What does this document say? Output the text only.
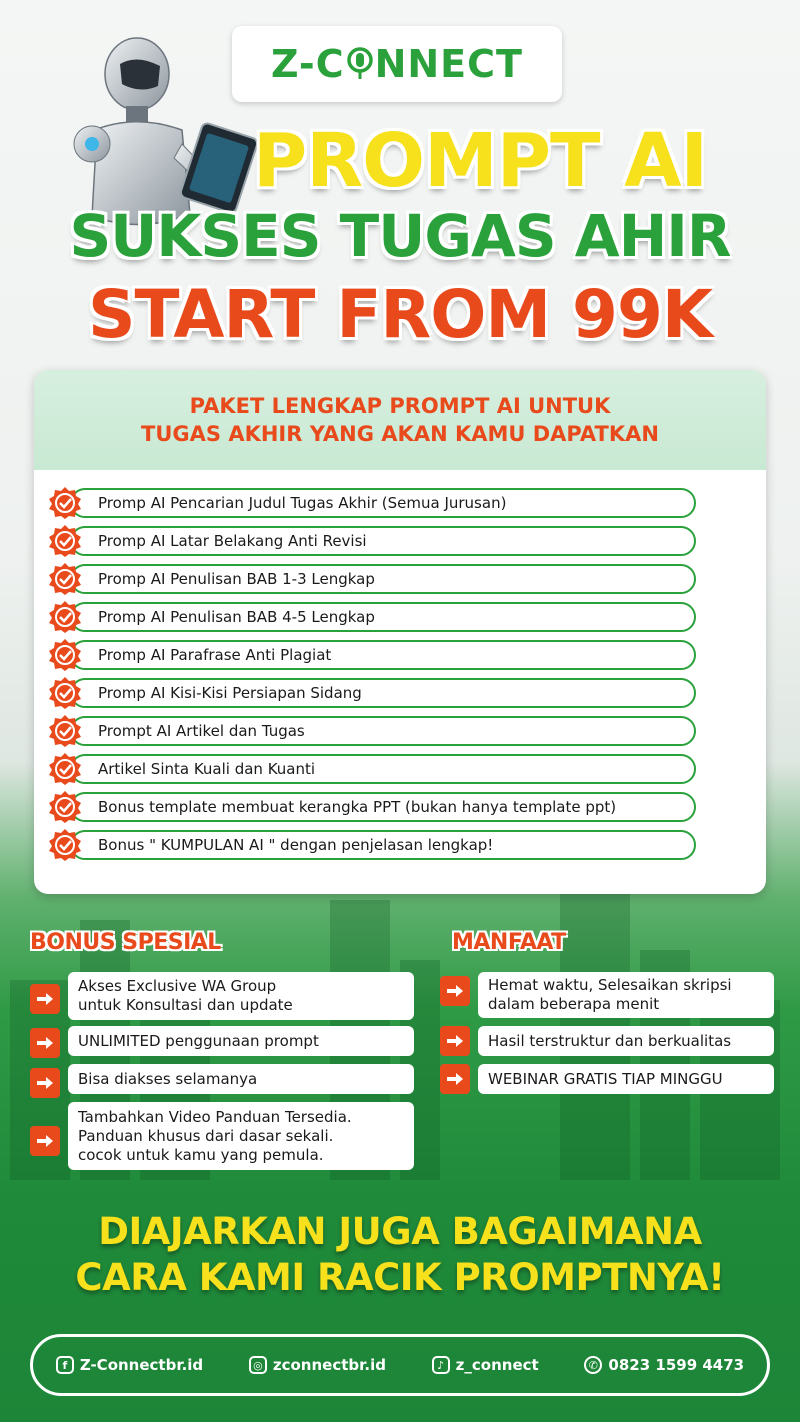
Z-C NNECT
PROMPT AI
SUKSES TUGAS AHIR
START FROM 99K
PAKET LENGKAP PROMPT AI UNTUK
TUGAS AKHIR YANG AKAN KAMU DAPATKAN
Promp AI Pencarian Judul Tugas Akhir (Semua Jurusan)
Promp AI Latar Belakang Anti Revisi
Promp AI Penulisan BAB 1-3 Lengkap
Promp AI Penulisan BAB 4-5 Lengkap
Promp AI Parafrase Anti Plagiat
Promp AI Kisi-Kisi Persiapan Sidang
Prompt AI Artikel dan Tugas
Artikel Sinta Kuali dan Kuanti
Bonus template membuat kerangka PPT (bukan hanya template ppt)
Bonus " KUMPULAN AI " dengan penjelasan lengkap!
BONUS SPESIAL
Akses Exclusive WA Group
untuk Konsultasi dan update
UNLIMITED penggunaan prompt
Bisa diakses selamanya
Tambahkan Video Panduan Tersedia.
Panduan khusus dari dasar sekali.
cocok untuk kamu yang pemula.
MANFAAT
Hemat waktu, Selesaikan skripsi
dalam beberapa menit
Hasil terstruktur dan berkualitas
WEBINAR GRATIS TIAP MINGGU
DIAJARKAN JUGA BAGAIMANA
CARA KAMI RACIK PROMPTNYA!
f Z-Connectbr.id	◎ zconnectbr.id	♪ z_connect	✆ 0823 1599 4473
